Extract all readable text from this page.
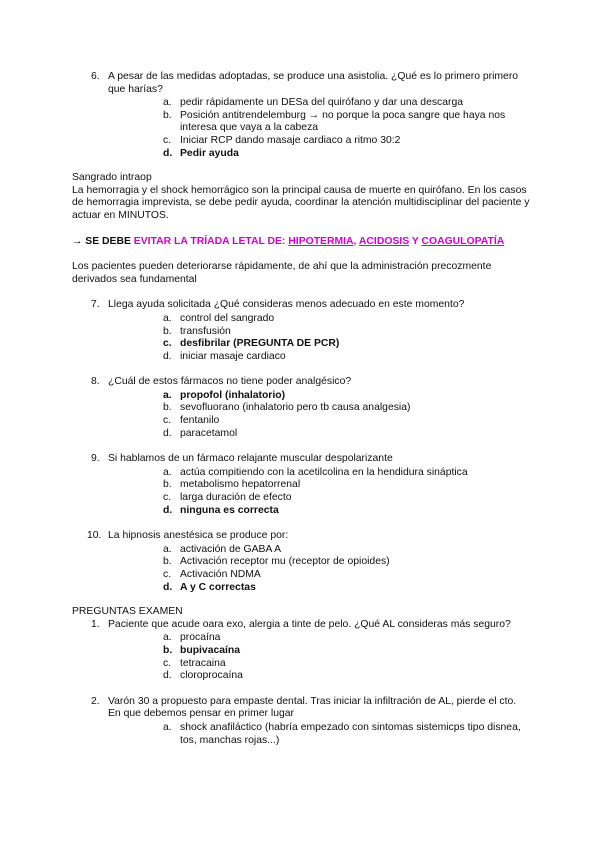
6. A pesar de las medidas adoptadas, se produce una asistolia. ¿Qué es lo primero primero que harías?
a. pedir rápidamente un DESa del quirófano y dar una descarga
b. Posición antitrendelemburg → no porque la poca sangre que haya nos interesa que vaya a la cabeza
c. Iniciar RCP dando masaje cardiaco a ritmo 30:2
d. Pedir ayuda
Sangrado intraop
La hemorragia y el shock hemorrágico son la principal causa de muerte en quirófano. En los casos de hemorragia imprevista, se debe pedir ayuda, coordinar la atención multidisciplinar del paciente y actuar en MINUTOS.
→ SE DEBE EVITAR LA TRÍADA LETAL DE: HIPOTERMIA, ACIDOSIS Y COAGULOPATÍA
Los pacientes pueden deteriorarse rápidamente, de ahí que la administración precozmente derivados sea fundamental
7. Llega ayuda solicitada ¿Qué consideras menos adecuado en este momento?
a. control del sangrado
b. transfusión
c. desfibrilar (PREGUNTA DE PCR)
d. iniciar masaje cardiaco
8. ¿Cuál de estos fármacos no tiene poder analgésico?
a. propofol (inhalatorio)
b. sevofluorano (inhalatorio pero tb causa analgesia)
c. fentanilo
d. paracetamol
9. Si hablamos de un fármaco relajante muscular despolarizante
a. actúa compitiendo con la acetilcolina en la hendidura sináptica
b. metabolismo hepatorrenal
c. larga duración de efecto
d. ninguna es correcta
10. La hipnosis anestésica se produce por:
a. activación de GABA A
b. Activación receptor mu (receptor de opioides)
c. Activación NDMA
d. A y C correctas
PREGUNTAS EXAMEN
1. Paciente que acude oara exo, alergia a tinte de pelo. ¿Qué AL consideras más seguro?
a. procaína
b. bupivacaína
c. tetracaina
d. cloroprocaína
2. Varón 30 a propuesto para empaste dental. Tras iniciar la infiltración de AL, pierde el cto. En que debemos pensar en primer lugar
a. shock anafiláctico (habría empezado con sintomas sistemicps tipo disnea, tos, manchas rojas...)
